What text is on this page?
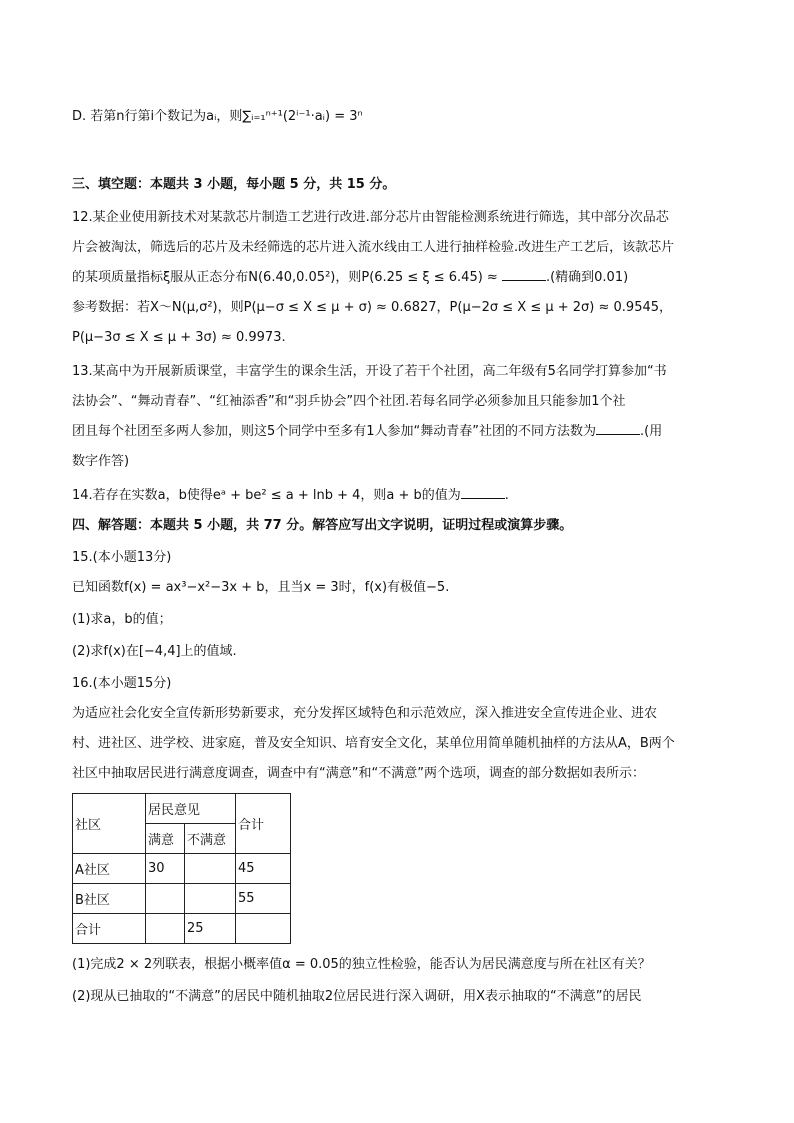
D. 若第n行第i个数记为aᵢ，则∑ᵢ₌₁ⁿ⁺¹(2ⁱ⁻¹·aᵢ) = 3ⁿ
三、填空题：本题共 3 小题，每小题 5 分，共 15 分。
12.某企业使用新技术对某款芯片制造工艺进行改进.部分芯片由智能检测系统进行筛选，其中部分次品芯
片会被淘汰，筛选后的芯片及未经筛选的芯片进入流水线由工人进行抽样检验.改进生产工艺后，该款芯片
的某项质量指标ξ服从正态分布N(6.40,0.05²)，则P(6.25 ≤ ξ ≤ 6.45) ≈	.(精确到0.01)
参考数据：若X～N(μ,σ²)，则P(μ−σ ≤ X ≤ μ + σ) ≈ 0.6827，P(μ−2σ ≤ X ≤ μ + 2σ) ≈ 0.9545，
P(μ−3σ ≤ X ≤ μ + 3σ) ≈ 0.9973.
13.某高中为开展新质课堂，丰富学生的课余生活，开设了若干个社团，高二年级有5名同学打算参加“书
法协会”、“舞动青春”、“红袖添香”和“羽乒协会”四个社团.若每名同学必须参加且只能参加1个社
团且每个社团至多两人参加，则这5个同学中至多有1人参加“舞动青春”社团的不同方法数为	.(用
数字作答)
14.若存在实数a，b使得eᵃ + be² ≤ a + lnb + 4，则a + b的值为	.
四、解答题：本题共 5 小题，共 77 分。解答应写出文字说明，证明过程或演算步骤。
15.(本小题13分)
已知函数f(x) = ax³−x²−3x + b，且当x = 3时，f(x)有极值−5.
(1)求a，b的值；
(2)求f(x)在[−4,4]上的值域.
16.(本小题15分)
为适应社会化安全宣传新形势新要求，充分发挥区域特色和示范效应，深入推进安全宣传进企业、进农
村、进社区、进学校、进家庭，普及安全知识、培育安全文化，某单位用简单随机抽样的方法从A，B两个
社区中抽取居民进行满意度调查，调查中有“满意”和“不满意”两个选项，调查的部分数据如表所示：
社区	居民意见		合计
	满意	不满意	
A社区	30		45
B社区			55
合计		25	
(1)完成2 × 2列联表，根据小概率值α = 0.05的独立性检验，能否认为居民满意度与所在社区有关？
(2)现从已抽取的“不满意”的居民中随机抽取2位居民进行深入调研，用X表示抽取的“不满意”的居民
